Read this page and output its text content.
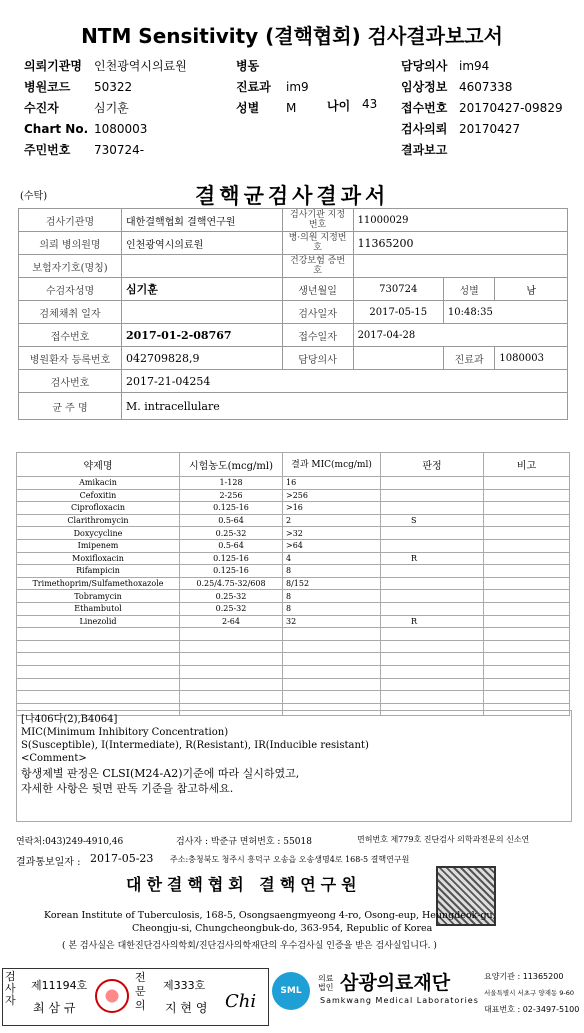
NTM Sensitivity (결핵협회) 검사결과보고서
의뢰기관명 인천광역시의료원
병원코드 50322
수진자	심기훈
Chart No. 1080003
주민번호 730724-
병동
진료과 im9
성별 M	나이 43
담당의사 im94
임상정보 4607338
접수번호 20170427-09829
검사의뢰 20170427
결과보고
(수탁)	결핵균검사결과서
검사기관명	대한결핵협회 결핵연구원	검사기관 지정번호	11000029		
의뢰 병의원명	인천광역시의료원	병·의원 지정번호	11365200		
보험자기호(명칭)		건강보험 증번호			
수검자성명	심기훈	생년월일	730724	성별	남
검체채취 일자		검사일자	2017-05-15	10:48:35	
접수번호	2017-01-2-08767	접수일자	2017-04-28		
병원환자 등록번호	042709828,9	담당의사		진료과	1080003
검사번호	2017-21-04254				
균 주 명	M. intracellulare				
약제명	시험농도(mcg/ml)	결과 MIC(mcg/ml)	판정	비고
Amikacin	1-128	16		
Cefoxitin	2-256	>256		
Ciprofloxacin	0.125-16	>16		
Clarithromycin	0.5-64	2	S	
Doxycycline	0.25-32	>32		
Imipenem	0.5-64	>64		
Moxifloxacin	0.125-16	4	R	
Rifampicin	0.125-16	8		
Trimethoprim/Sulfamethoxazole	0.25/4.75-32/608	8/152		
Tobramycin	0.25-32	8		
Ethambutol	0.25-32	8		
Linezolid	2-64	32	R	

[나406다(2),B4064]
MIC(Minimum Inhibitory Concentration)
S(Susceptible), I(Intermediate), R(Resistant), IR(Inducible resistant)
<Comment>
항생제별 판정은 CLSI(M24-A2)기준에 따라 실시하였고,
자세한 사항은 뒷면 판독 기준을 참고하세요.
연락처:043)249-4910,46	검사자 : 박준규 면허번호 : 55018	면허번호 제779호 진단검사 의학과전문의 신소연
결과통보일자 : 2017-05-23 주소:충청북도 청주시 흥덕구 오송읍 오송생명4로 168-5 결핵연구원
대한결핵협회 결핵연구원
Korean Institute of Tuberculosis, 168-5, Osongsaengmyeong 4-ro, Osong-eup, Heungdeok-gu,
Cheongju-si, Chungcheongbuk-do, 363-954, Republic of Korea
( 본 검사실은 대한진단검사의학회/진단검사의학재단의 우수검사실 인증을 받은 검사실입니다. )
검사자
제11194호
최 삼 규
전문의
제333호
지 현 영 Chi	SML
의료
법인 삼광의료재단
Samkwang Medical Laboratories
요양기관 : 11365200
서울특별시 서초구 양재동 9-60
대표번호 : 02-3497-5100
